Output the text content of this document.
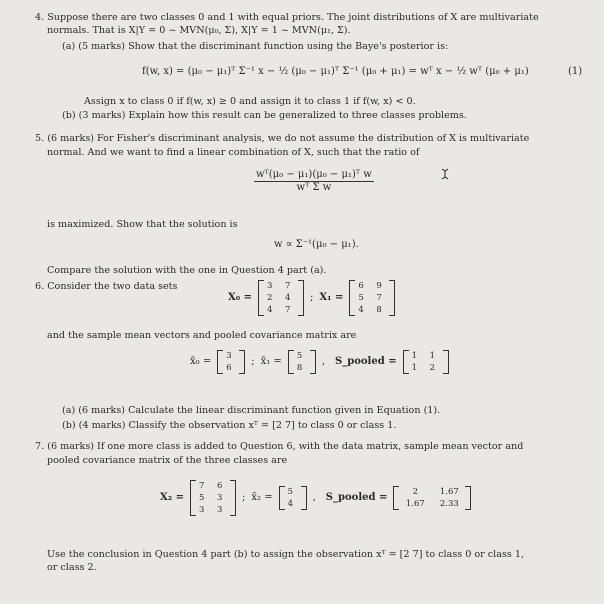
4. Suppose there are two classes 0 and 1 with equal priors. The joint distributions of X are multivariate
normals. That is X|Y = 0 ~ MVN(μ₀, Σ), X|Y = 1 ~ MVN(μ₁, Σ).
(a) (5 marks) Show that the discriminant function using the Baye's posterior is:
f(w, x) = (μ₀ − μ₁)ᵀ Σ⁻¹ x − ½ (μ₀ − μ₁)ᵀ Σ⁻¹ (μ₀ + μ₁) = wᵀ x − ½ wᵀ (μ₀ + μ₁)	(1)
Assign x to class 0 if f(w, x) ≥ 0 and assign it to class 1 if f(w, x) < 0.
(b) (3 marks) Explain how this result can be generalized to three classes problems.
5. (6 marks) For Fisher's discriminant analysis, we do not assume the distribution of X is multivariate
normal. And we want to find a linear combination of X, such that the ratio of
$\frac{\text{wᵀ(μ₀ − μ₁)(μ₀ − μ₁)ᵀ w}}{\text{wᵀ Σ w}}$
is maximized. Show that the solution is
w ∝ Σ⁻¹(μ₀ − μ₁).
Compare the solution with the one in Question 4 part (a).
6. Consider the two data sets
X₀ =
3	7
2	4
4	7
; X₁ =
6	9
5	7
4	8
and the sample mean vectors and pooled covariance matrix are
x̄₀ =
3
6
; x̄₁ =
5
8
, S_pooled =
1	1
1	2
(a) (6 marks) Calculate the linear discriminant function given in Equation (1).
(b) (4 marks) Classify the observation xᵀ = [2 7] to class 0 or class 1.
7. (6 marks) If one more class is added to Question 6, with the data matrix, sample mean vector and
pooled covariance matrix of the three classes are
X₂ =
7	6
5	3
3	3
; x̄₂ =
5
4
, S_pooled =
2	1.67
1.67	2.33
Use the conclusion in Question 4 part (b) to assign the observation xᵀ = [2 7] to class 0 or class 1,
or class 2.
